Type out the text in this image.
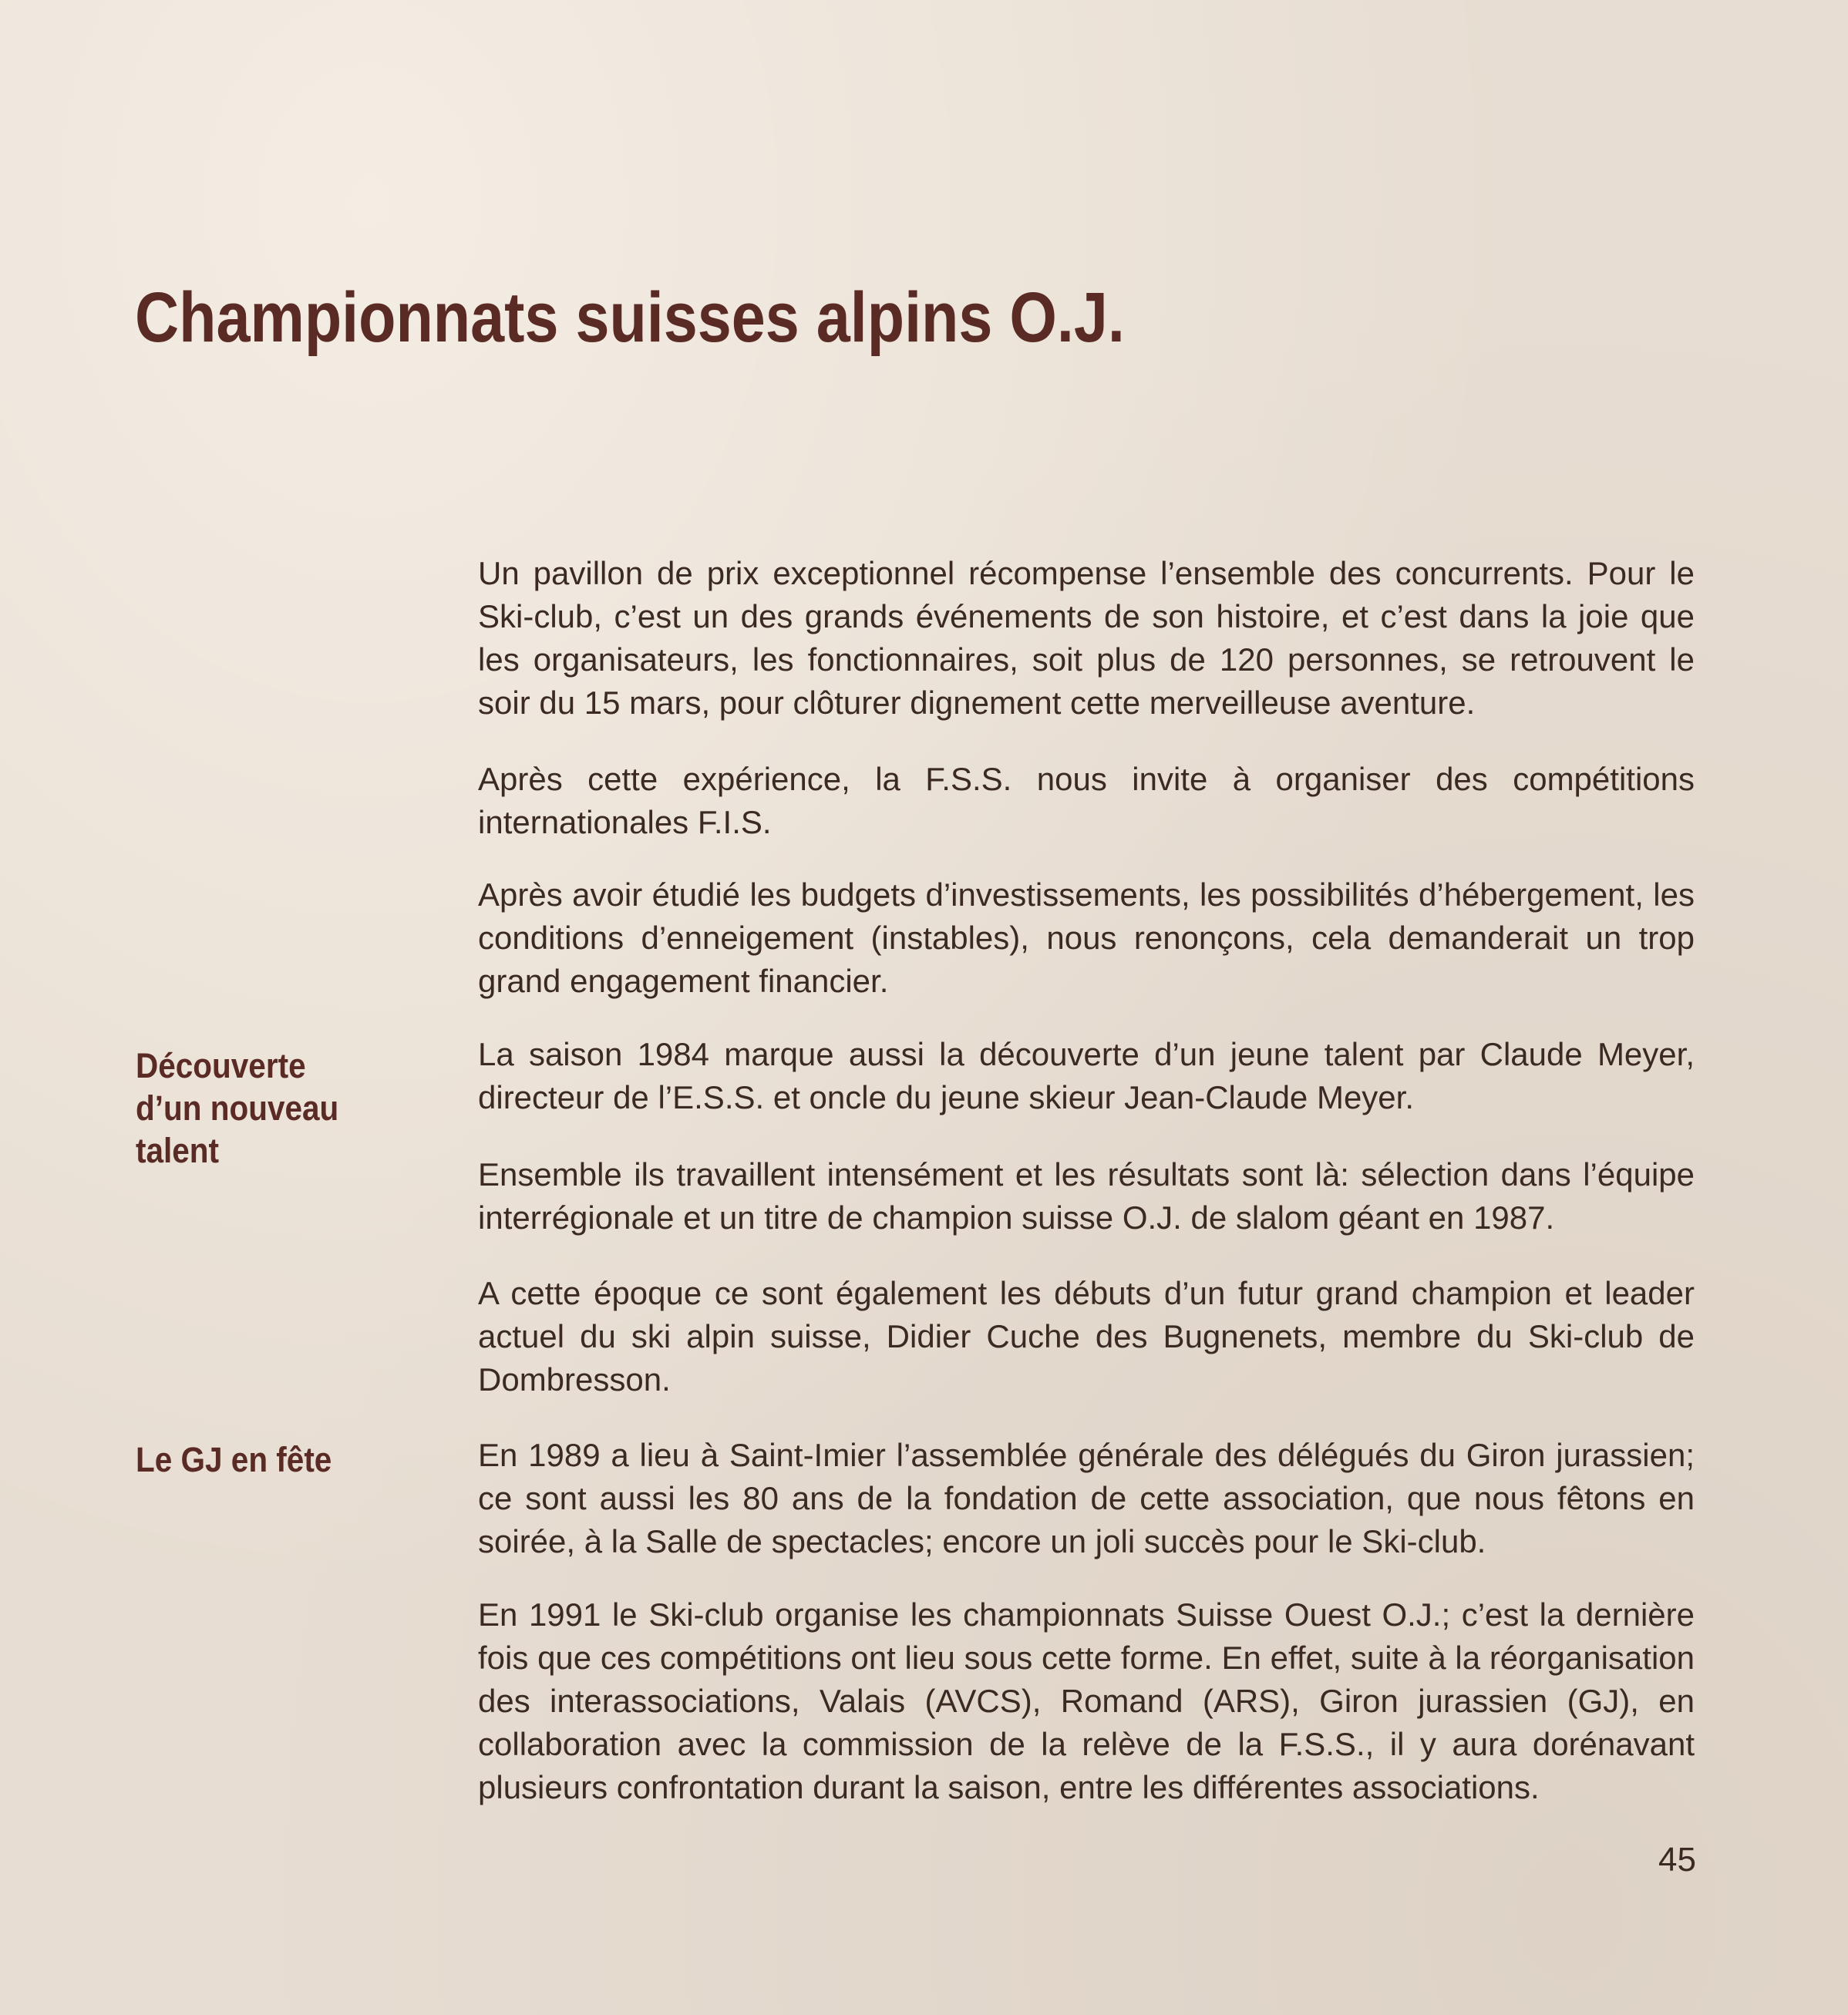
Championnats suisses alpins O.J.
Découverte
d’un nouveau
talent
Le GJ en fête

Un pavillon de prix exceptionnel récompense l’ensemble des concurrents. Pour le Ski-club, c’est un des grands événements de son histoire, et c’est dans la joie que les organisateurs, les fonctionnaires, soit plus de 120 personnes, se retrouvent le soir du 15 mars, pour clôturer dignement cette merveilleuse aventure.

Après cette expérience, la F.S.S. nous invite à organiser des compétitions internationales F.I.S.

Après avoir étudié les budgets d’investissements, les possibilités d’hébergement, les conditions d’enneigement (instables), nous renonçons, cela demanderait un trop grand engagement financier.

La saison 1984 marque aussi la découverte d’un jeune talent par Claude Meyer, directeur de l’E.S.S. et oncle du jeune skieur Jean-Claude Meyer.

Ensemble ils travaillent intensément et les résultats sont là: sélection dans l’équipe interrégionale et un titre de champion suisse O.J. de slalom géant en 1987.

A cette époque ce sont également les débuts d’un futur grand champion et leader actuel du ski alpin suisse, Didier Cuche des Bugnenets, membre du Ski-club de Dombresson.

En 1989 a lieu à Saint-Imier l’assemblée générale des délégués du Giron jurassien; ce sont aussi les 80 ans de la fondation de cette association, que nous fêtons en soirée, à la Salle de spectacles; encore un joli succès pour le Ski-club.

En 1991 le Ski-club organise les championnats Suisse Ouest O.J.; c’est la dernière fois que ces compétitions ont lieu sous cette forme. En effet, suite à la réorganisation des interassociations, Valais (AVCS), Romand (ARS), Giron jurassien (GJ), en collaboration avec la commission de la relève de la F.S.S., il y aura dorénavant plusieurs confrontation durant la saison, entre les différentes associations.

45
